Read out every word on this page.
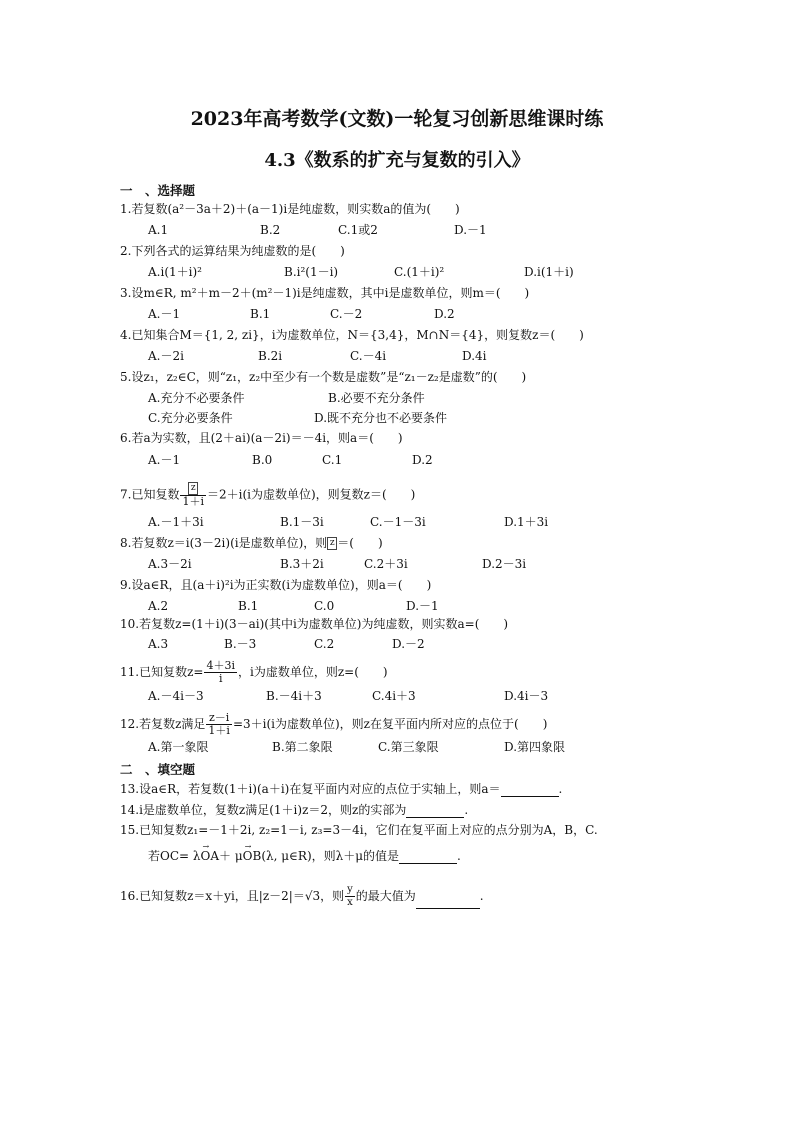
2023年高考数学(文数)一轮复习创新思维课时练
4.3《数系的扩充与复数的引入》
一　、选择题
1.若复数(a²－3a＋2)＋(a－1)i是纯虚数，则实数a的值为(　　)
A.1	B.2	C.1或2	D.－1
2.下列各式的运算结果为纯虚数的是(　　)
A.i(1＋i)²	B.i²(1－i)	C.(1＋i)²	D.i(1＋i)
3.设m∈R, m²＋m－2＋(m²－1)i是纯虚数，其中i是虚数单位，则m＝(　　)
A.－1	B.1	C.－2	D.2
4.已知集合M＝{1, 2, zi}，i为虚数单位，N＝{3,4}，M∩N＝{4}，则复数z＝(　　)
A.－2i	B.2i	C.－4i	D.4i
5.设z₁，z₂∈C，则“z₁，z₂中至少有一个数是虚数”是“z₁－z₂是虚数”的(　　)
A.充分不必要条件	B.必要不充分条件
C.充分必要条件	D.既不充分也不必要条件
6.若a为实数，且(2＋ai)(a－2i)＝－4i，则a＝(　　)
A.－1	B.0	C.1	D.2
7.已知复数 $\frac{z}{1+i} =2+i(i$为虚数单位)，则复数z＝(　　)
A.－1＋3i	B.1－3i	C.－1－3i	D.1＋3i
8.若复数z＝i(3－2i)(i是虚数单位)，则 z ＝(　　)
A.3－2i	B.3＋2i	C.2＋3i	D.2－3i
9.设a∈R，且(a＋i)²i为正实数(i为虚数单位)，则a＝(　　)
A.2	B.1	C.0	D.－1
10.若复数z=(1＋i)(3－ai)(其中i为虚数单位)为纯虚数，则实数a=(　　)
A.3	B.－3	C.2	D.－2
11.已知复数$z= \frac{4+3i}{i}$ ，i为虚数单位，则z=(　　)
A.－4i－3	B.－4i＋3	C.4i＋3	D.4i－3
12.若复数z满足 $\frac{z-i}{1+i} =3+i(i$为虚数单位)，则z在复平面内所对应的点位于(　　)
A.第一象限	B.第二象限	C.第三象限	D.第四象限
二　、填空题
13.设a∈R，若复数(1＋i)(a＋i)在复平面内对应的点位于实轴上，则a＝	.
14.i是虚数单位，复数z满足(1＋i)z＝2，则z的实部为	.
15.已知复数z₁=－1＋2i, z₂=1－i, z₃=3－4i，它们在复平面上对应的点分别为A，B，C.
若OC= λ→ OA＋ μ→ OB(λ, μ∈R)，则λ＋μ的值是	.
16.已知复数z＝x＋yi，且|z－2|＝√3，则 $\frac{y}{x}$ 的最大值为	.
